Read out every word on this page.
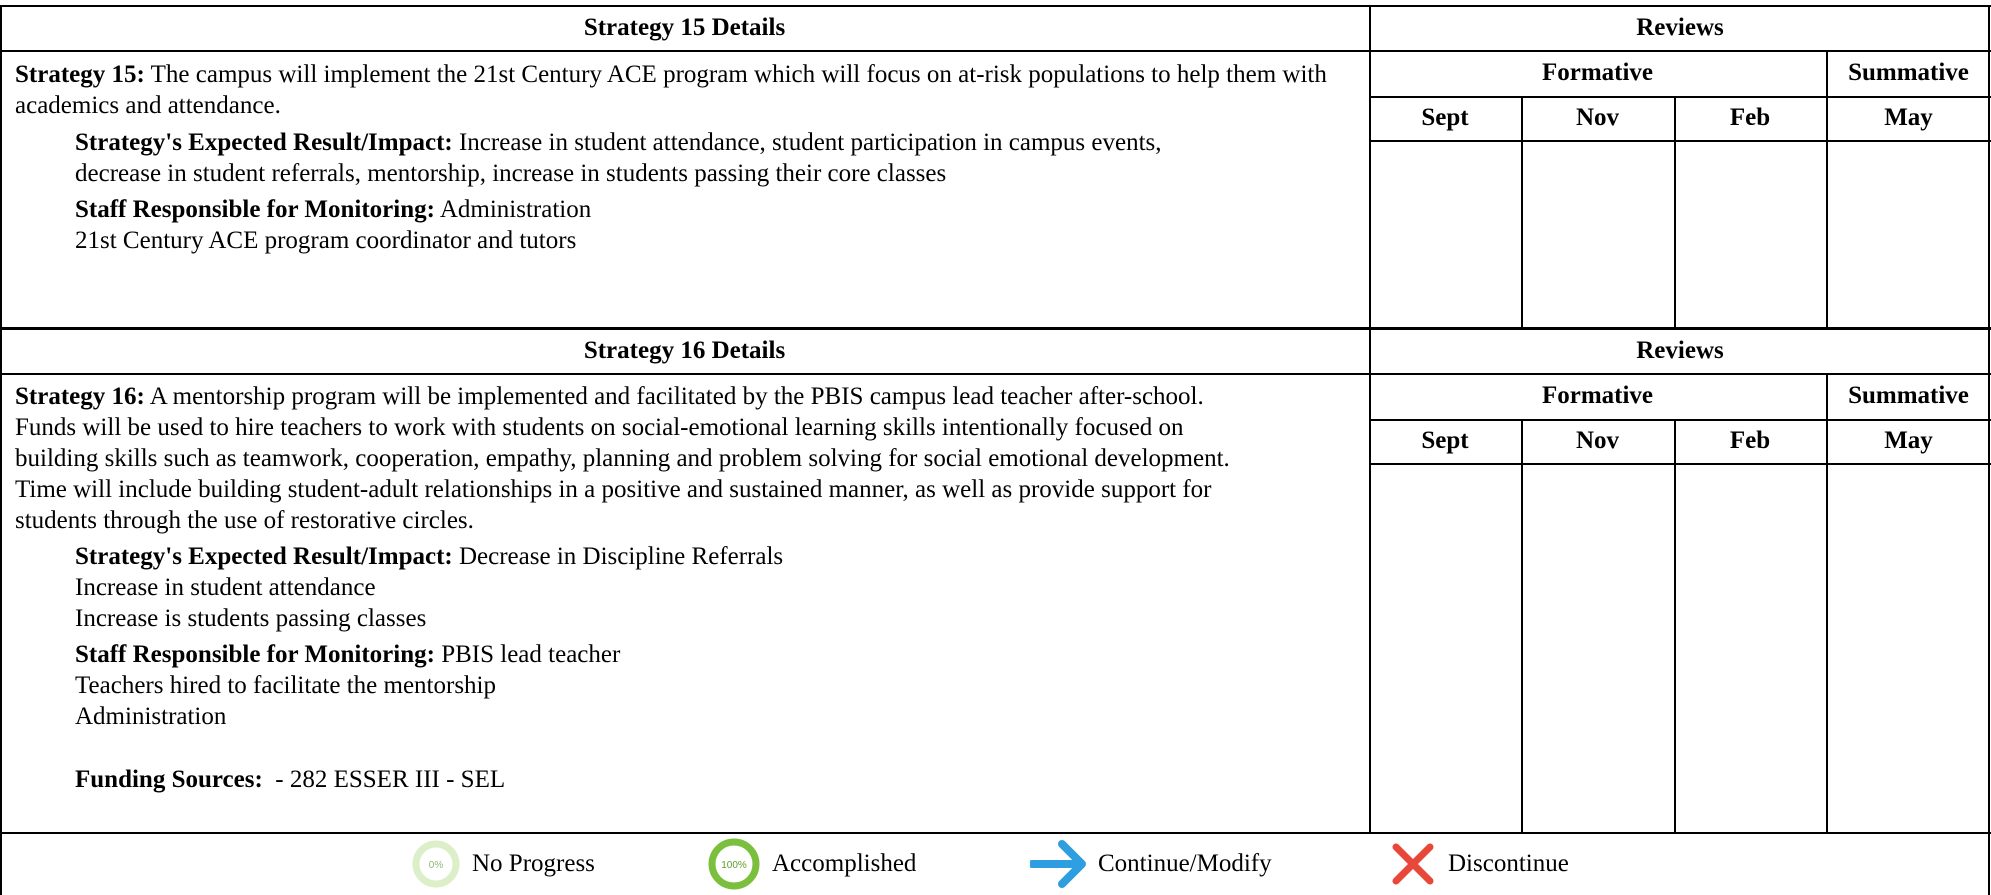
Strategy 15 Details	Reviews
Formative	Summative
Sept	Nov	Feb	May
Strategy 15: The campus will implement the 21st Century ACE program which will focus on at-risk populations to help them with academics and attendance.
Strategy's Expected Result/Impact: Increase in student attendance, student participation in campus events,
decrease in student referrals, mentorship, increase in students passing their core classes
Staff Responsible for Monitoring: Administration
21st Century ACE program coordinator and tutors
Strategy 16 Details	Reviews
Formative	Summative
Sept	Nov	Feb	May
Strategy 16: A mentorship program will be implemented and facilitated by the PBIS campus lead teacher after-school.
Funds will be used to hire teachers to work with students on social-emotional learning skills intentionally focused on
building skills such as teamwork, cooperation, empathy, planning and problem solving for social emotional development.
Time will include building student-adult relationships in a positive and sustained manner, as well as provide support for
students through the use of restorative circles.
Strategy's Expected Result/Impact: Decrease in Discipline Referrals
Increase in student attendance
Increase is students passing classes
Staff Responsible for Monitoring: PBIS lead teacher
Teachers hired to facilitate the mentorship
Administration
Funding Sources: - 282 ESSER III - SEL
0% No Progress	100% Accomplished	Continue/Modify	Discontinue
